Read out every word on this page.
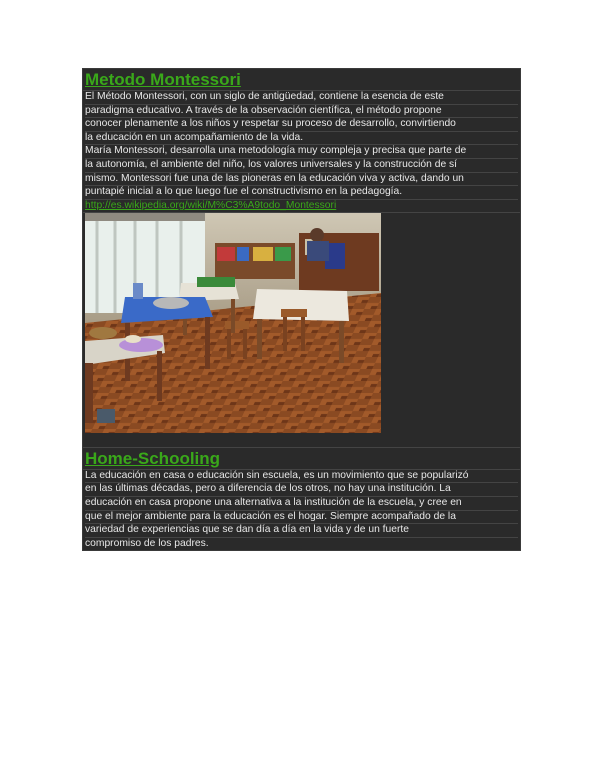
Metodo Montessori
El Método Montessori, con un siglo de antigüedad, contiene la esencia de este
paradigma educativo. A través de la observación científica, el método propone
conocer plenamente a los niños y respetar su proceso de desarrollo, convirtiendo
la educación en un acompañamiento de la vida.
María Montessori, desarrolla una metodología muy compleja y precisa que parte de
la autonomía, el ambiente del niño, los valores universales y la construcción de sí
mismo. Montessori fue una de las pioneras en la educación viva y activa, dando un
puntapié inicial a lo que luego fue el constructivismo en la pedagogía.
http://es.wikipedia.org/wiki/M%C3%A9todo_Montessori
Home-Schooling
La educación en casa o educación sin escuela, es un movimiento que se popularizó
en las últimas décadas, pero a diferencia de los otros, no hay una institución. La
educación en casa propone una alternativa a la institución de la escuela, y cree en
que el mejor ambiente para la educación es el hogar. Siempre acompañado de la
variedad de experiencias que se dan día a día en la vida y de un fuerte
compromiso de los padres.
